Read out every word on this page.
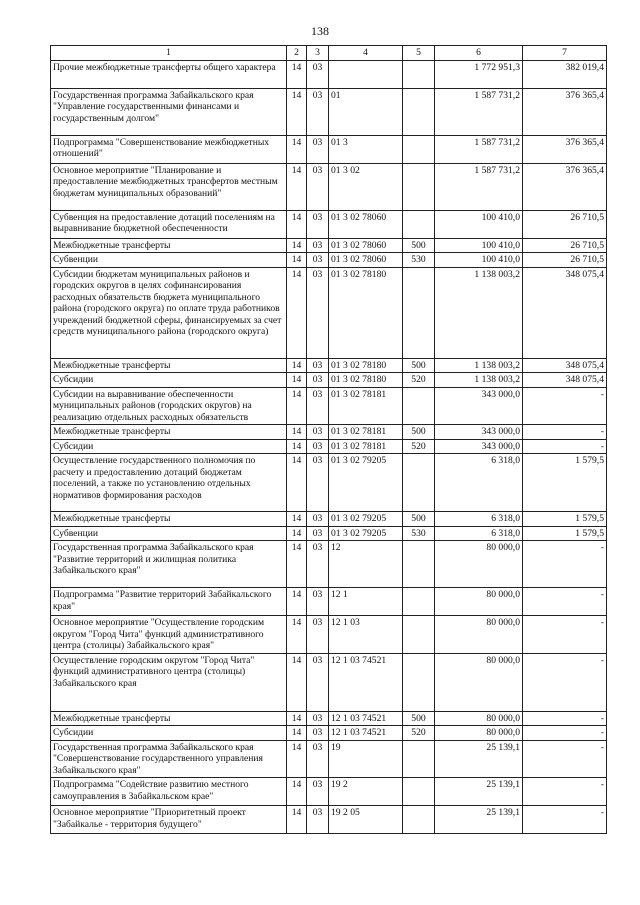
138
1	2	3	4	5	6	7
Прочие межбюджетные трансферты общего характера	14	03			1 772 951,3	382 019,4
Государственная программа Забайкальского края "Управление государственными финансами и государственным долгом"	14	03	01		1 587 731,2	376 365,4
Подпрограмма "Совершенствование межбюджетных отношений"	14	03	01 3		1 587 731,2	376 365,4
Основное мероприятие "Планирование и предоставление межбюджетных трансфертов местным бюджетам муниципальных образований"	14	03	01 3 02		1 587 731,2	376 365,4
Субвенция на предоставление дотаций поселениям на выравнивание бюджетной обеспеченности	14	03	01 3 02 78060		100 410,0	26 710,5
Межбюджетные трансферты	14	03	01 3 02 78060	500	100 410,0	26 710,5
Субвенции	14	03	01 3 02 78060	530	100 410,0	26 710,5
Субсидии бюджетам муниципальных районов и городских округов в целях софинансирования расходных обязательств бюджета муниципального района (городского округа) по оплате труда работников учреждений бюджетной сферы, финансируемых за счет средств муниципального района (городского округа)	14	03	01 3 02 78180		1 138 003,2	348 075,4
Межбюджетные трансферты	14	03	01 3 02 78180	500	1 138 003,2	348 075,4
Субсидии	14	03	01 3 02 78180	520	1 138 003,2	348 075,4
Субсидии на выравнивание обеспеченности муниципальных районов (городских округов) на реализацию отдельных расходных обязательств	14	03	01 3 02 78181		343 000,0	-
Межбюджетные трансферты	14	03	01 3 02 78181	500	343 000,0	-
Субсидии	14	03	01 3 02 78181	520	343 000,0	-
Осуществление государственного полномочия по расчету и предоставлению дотаций бюджетам поселений, а также по установлению отдельных нормативов формирования расходов	14	03	01 3 02 79205		6 318,0	1 579,5
Межбюджетные трансферты	14	03	01 3 02 79205	500	6 318,0	1 579,5
Субвенции	14	03	01 3 02 79205	530	6 318,0	1 579,5
Государственная программа Забайкальского края "Развитие территорий и жилищная политика Забайкальского края"	14	03	12		80 000,0	-
Подпрограмма "Развитие территорий Забайкальского края"	14	03	12 1		80 000,0	-
Основное мероприятие "Осуществление городским округом "Город Чита" функций административного центра (столицы) Забайкальского края"	14	03	12 1 03		80 000,0	-
Осуществление городским округом "Город Чита" функций административного центра (столицы) Забайкальского края	14	03	12 1 03 74521		80 000,0	-
Межбюджетные трансферты	14	03	12 1 03 74521	500	80 000,0	-
Субсидии	14	03	12 1 03 74521	520	80 000,0	-
Государственная программа Забайкальского края "Совершенствование государственного управления Забайкальского края"	14	03	19		25 139,1	-
Подпрограмма "Содействие развитию местного самоуправления в Забайкальском крае"	14	03	19 2		25 139,1	-
Основное мероприятие "Приоритетный проект "Забайкалье - территория будущего"	14	03	19 2 05		25 139,1	-
